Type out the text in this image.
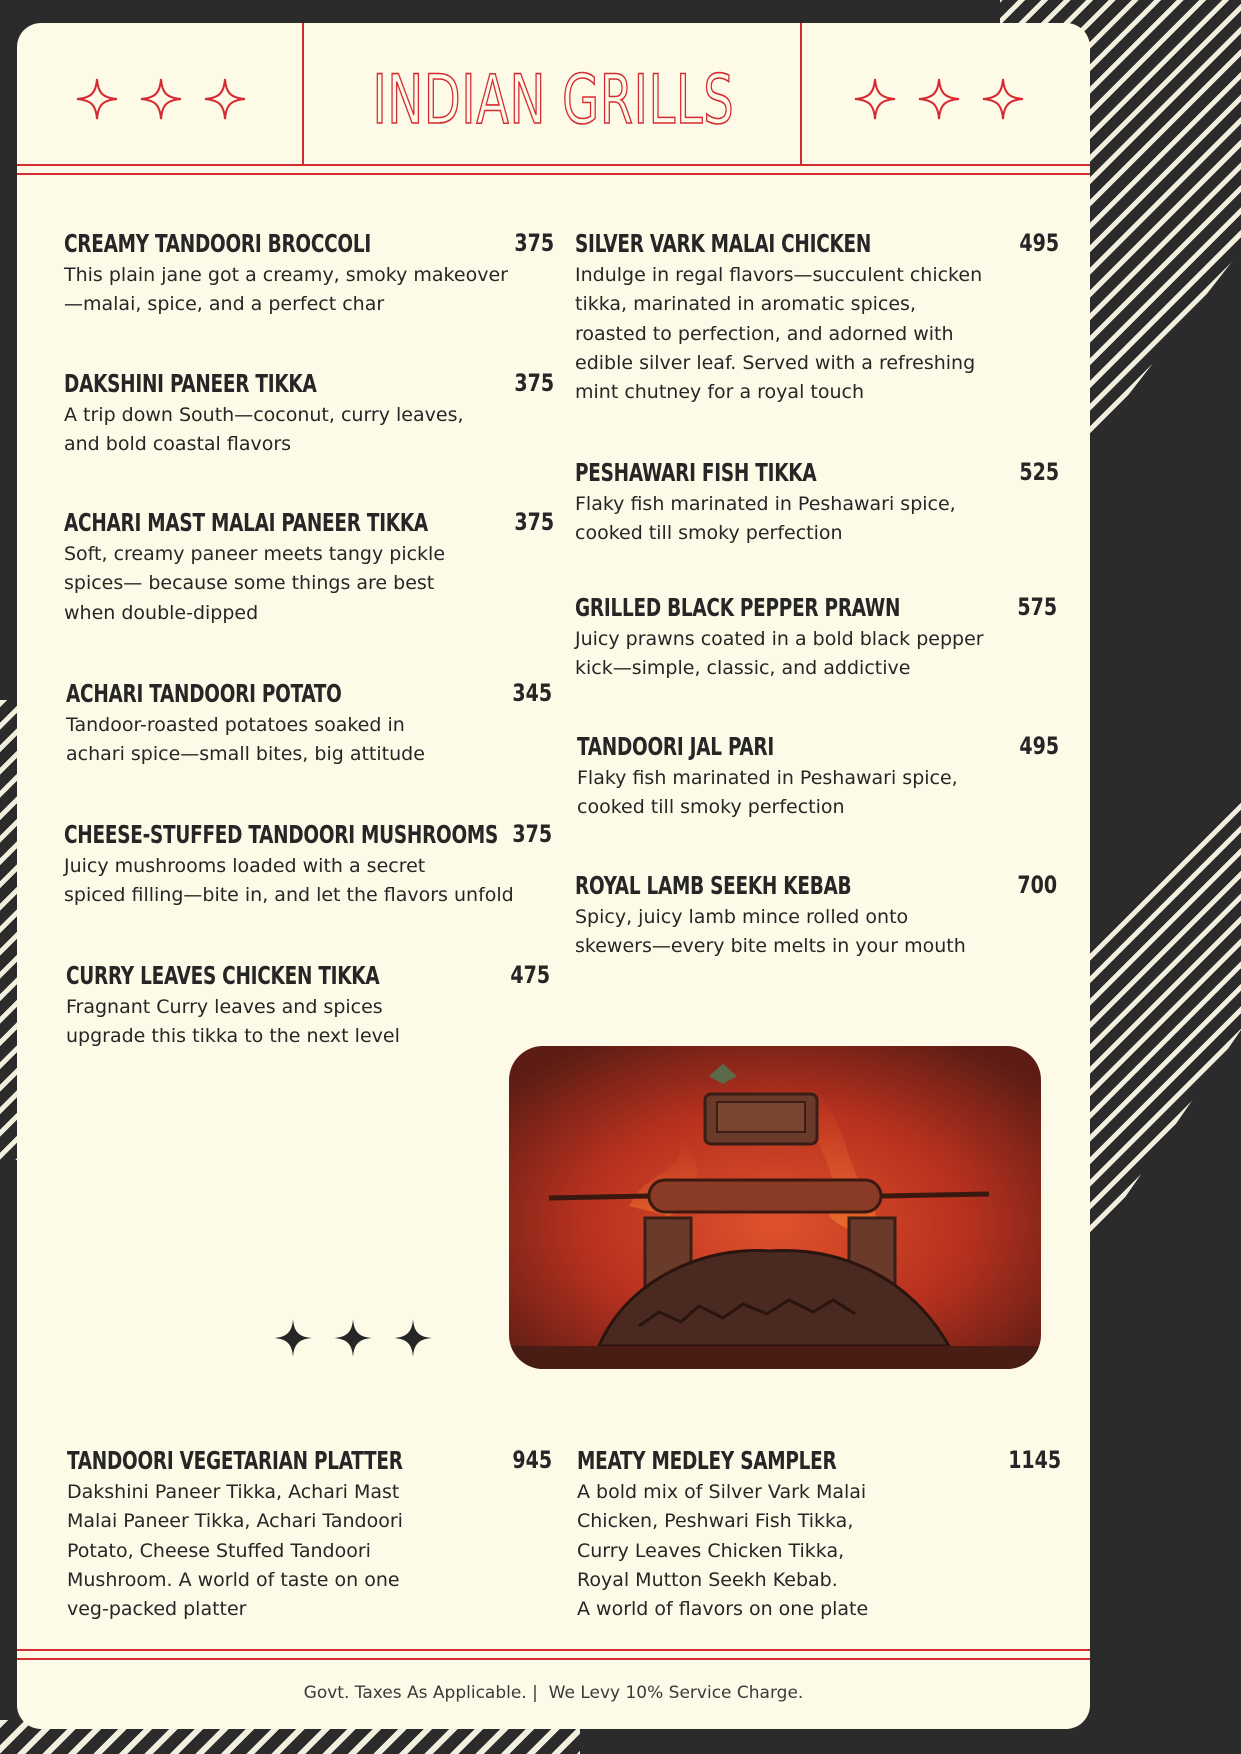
INDIAN GRILLS
CREAMY TANDOORI BROCCOLI	375
This plain jane got a creamy, smoky makeover
—malai, spice, and a perfect char
DAKSHINI PANEER TIKKA	375
A trip down South—coconut, curry leaves,
and bold coastal flavors
ACHARI MAST MALAI PANEER TIKKA	375
Soft, creamy paneer meets tangy pickle
spices— because some things are best
when double-dipped
ACHARI TANDOORI POTATO	345
Tandoor-roasted potatoes soaked in
achari spice—small bites, big attitude
CHEESE-STUFFED TANDOORI MUSHROOMS 375
Juicy mushrooms loaded with a secret
spiced filling—bite in, and let the flavors unfold
CURRY LEAVES CHICKEN TIKKA	475
Fragnant Curry leaves and spices
upgrade this tikka to the next level
SILVER VARK MALAI CHICKEN	495
Indulge in regal flavors—succulent chicken
tikka, marinated in aromatic spices,
roasted to perfection, and adorned with
edible silver leaf. Served with a refreshing
mint chutney for a royal touch
PESHAWARI FISH TIKKA	525
Flaky fish marinated in Peshawari spice,
cooked till smoky perfection
GRILLED BLACK PEPPER PRAWN	575
Juicy prawns coated in a bold black pepper
kick—simple, classic, and addictive
TANDOORI JAL PARI	495
Flaky fish marinated in Peshawari spice,
cooked till smoky perfection
ROYAL LAMB SEEKH KEBAB	700
Spicy, juicy lamb mince rolled onto
skewers—every bite melts in your mouth
TANDOORI VEGETARIAN PLATTER	945
Dakshini Paneer Tikka, Achari Mast
Malai Paneer Tikka, Achari Tandoori
Potato, Cheese Stuffed Tandoori
Mushroom. A world of taste on one
veg-packed platter
MEATY MEDLEY SAMPLER	1145
A bold mix of Silver Vark Malai
Chicken, Peshwari Fish Tikka,
Curry Leaves Chicken Tikka,
Royal Mutton Seekh Kebab.
A world of flavors on one plate
Govt. Taxes As Applicable. |  We Levy 10% Service Charge.
